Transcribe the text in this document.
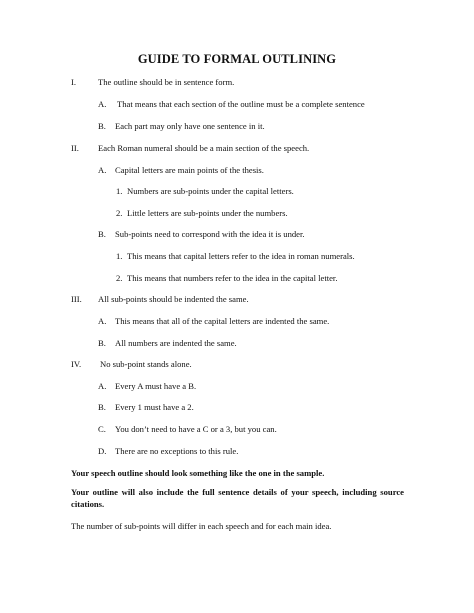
GUIDE TO FORMAL OUTLINING
I.	The outline should be in sentence form.
A. That means that each section of the outline must be a complete sentence
B. Each part may only have one sentence in it.
II. Each Roman numeral should be a main section of the speech.
A. Capital letters are main points of the thesis.
1. Numbers are sub-points under the capital letters.
2. Little letters are sub-points under the numbers.
B. Sub-points need to correspond with the idea it is under.
1. This means that capital letters refer to the idea in roman numerals.
2. This means that numbers refer to the idea in the capital letter.
III. All sub-points should be indented the same.
A. This means that all of the capital letters are indented the same.
B. All numbers are indented the same.
IV. No sub-point stands alone.
A. Every A must have a B.
B. Every 1 must have a 2.
C. You don’t need to have a C or a 3, but you can.
D. There are no exceptions to this rule.
Your speech outline should look something like the one in the sample.
Your outline will also include the full sentence details of your speech, including source citations.
The number of sub-points will differ in each speech and for each main idea.
